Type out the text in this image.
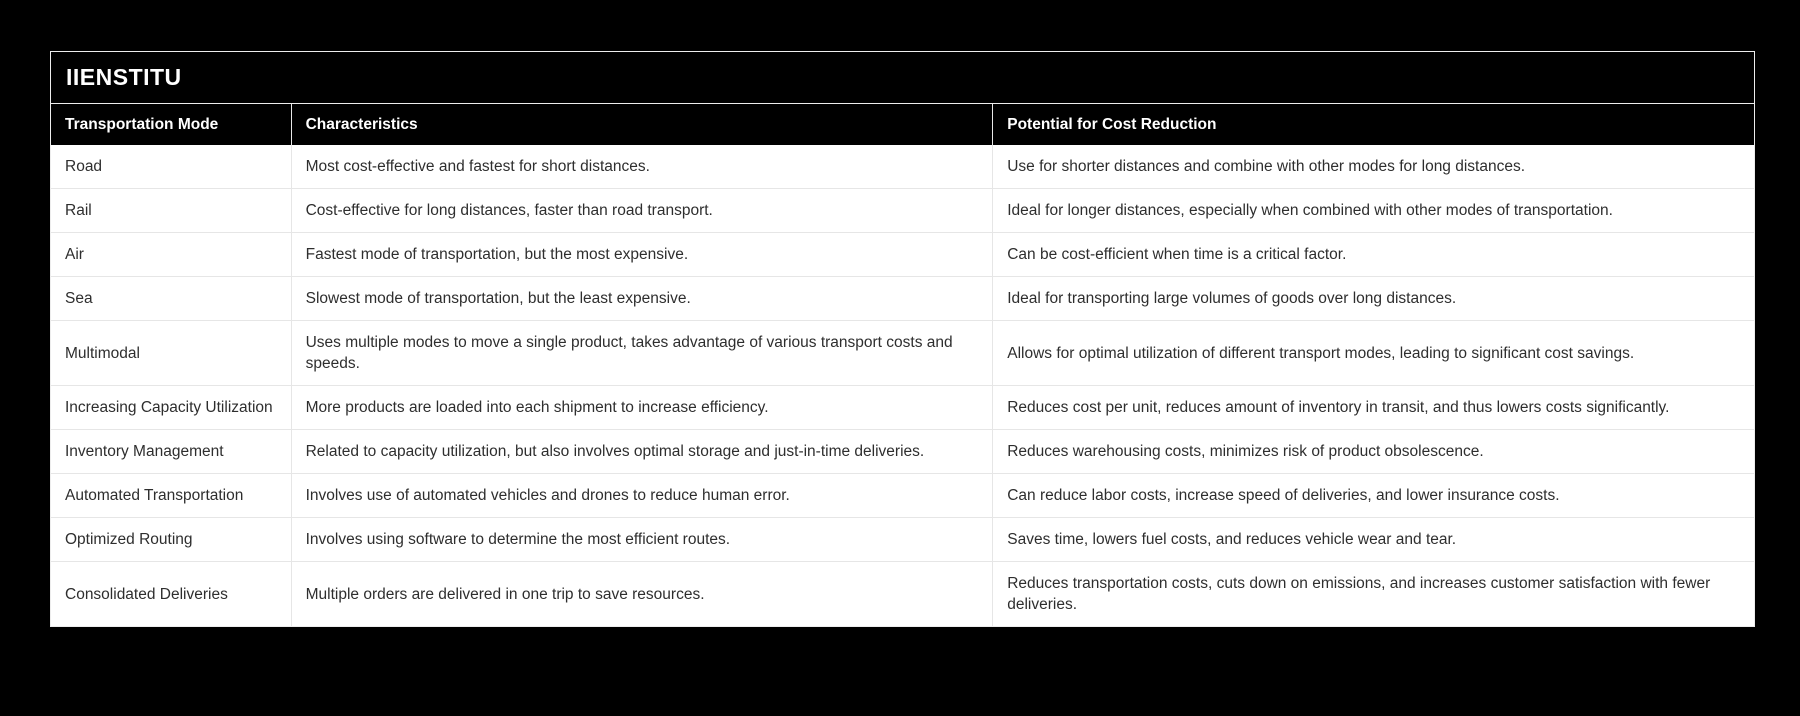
IIENSTITU
Transportation Mode	Characteristics	Potential for Cost Reduction
Road	Most cost-effective and fastest for short distances.	Use for shorter distances and combine with other modes for long distances.
Rail	Cost-effective for long distances, faster than road transport.	Ideal for longer distances, especially when combined with other modes of transportation.
Air	Fastest mode of transportation, but the most expensive.	Can be cost-efficient when time is a critical factor.
Sea	Slowest mode of transportation, but the least expensive.	Ideal for transporting large volumes of goods over long distances.
Multimodal	Uses multiple modes to move a single product, takes advantage of various transport costs and speeds.	Allows for optimal utilization of different transport modes, leading to significant cost savings.
Increasing Capacity Utilization	More products are loaded into each shipment to increase efficiency.	Reduces cost per unit, reduces amount of inventory in transit, and thus lowers costs significantly.
Inventory Management	Related to capacity utilization, but also involves optimal storage and just-in-time deliveries.	Reduces warehousing costs, minimizes risk of product obsolescence.
Automated Transportation	Involves use of automated vehicles and drones to reduce human error.	Can reduce labor costs, increase speed of deliveries, and lower insurance costs.
Optimized Routing	Involves using software to determine the most efficient routes.	Saves time, lowers fuel costs, and reduces vehicle wear and tear.
Consolidated Deliveries	Multiple orders are delivered in one trip to save resources.	Reduces transportation costs, cuts down on emissions, and increases customer satisfaction with fewer deliveries.
